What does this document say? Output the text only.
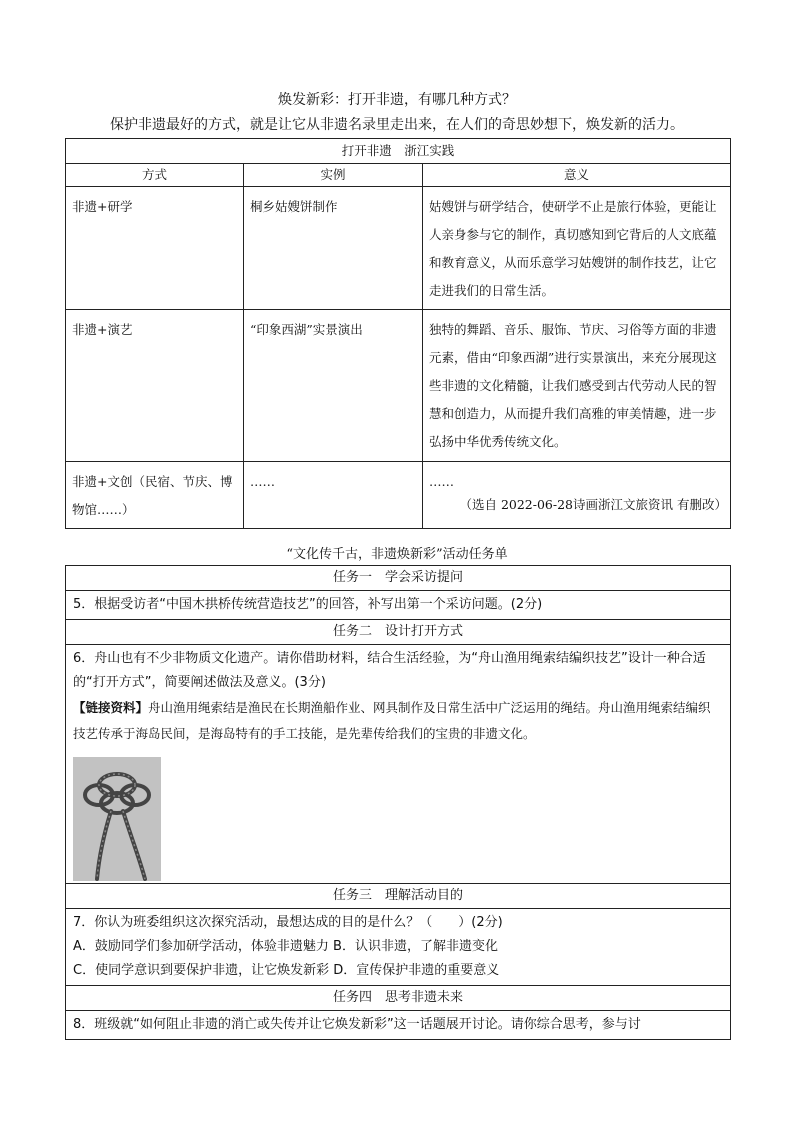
焕发新彩：打开非遗，有哪几种方式？
保护非遗最好的方式，就是让它从非遗名录里走出来，在人们的奇思妙想下，焕发新的活力。
打开非遗　浙江实践		
方式	实例	意义
非遗+研学	桐乡姑嫂饼制作	姑嫂饼与研学结合，使研学不止是旅行体验，更能让人亲身参与它的制作，真切感知到它背后的人文底蕴和教育意义，从而乐意学习姑嫂饼的制作技艺，让它走进我们的日常生活。
非遗+演艺	“印象西湖”实景演出	独特的舞蹈、音乐、服饰、节庆、习俗等方面的非遗元素，借由“印象西湖”进行实景演出，来充分展现这些非遗的文化精髓，让我们感受到古代劳动人民的智慧和创造力，从而提升我们高雅的审美情趣，进一步弘扬中华优秀传统文化。
非遗+文创（民宿、节庆、博物馆……）	……	……
（选自 2022-06-28诗画浙江文旅资讯 有删改）
“文化传千古，非遗焕新彩”活动任务单
任务一　学会采访提问
5．根据受访者“中国木拱桥传统营造技艺”的回答，补写出第一个采访问题。(2分)
任务二　设计打开方式

6．舟山也有不少非物质文化遗产。请你借助材料，结合生活经验，为“舟山渔用绳索结编织技艺”设计一种合适的“打开方式”，简要阐述做法及意义。(3分)
【链接资料】舟山渔用绳索结是渔民在长期渔船作业、网具制作及日常生活中广泛运用的绳结。舟山渔用绳索结编织技艺传承于海岛民间，是海岛特有的手工技能，是先辈传给我们的宝贵的非遗文化。

任务三　理解活动目的

7．你认为班委组织这次探究活动，最想达成的目的是什么？（　　）(2分)
A．鼓励同学们参加研学活动，体验非遗魅力 B．认识非遗，了解非遗变化
C．使同学意识到要保护非遗，让它焕发新彩 D．宣传保护非遗的重要意义

任务四　思考非遗未来
8．班级就“如何阻止非遗的消亡或失传并让它焕发新彩”这一话题展开讨论。请你综合思考，参与讨
